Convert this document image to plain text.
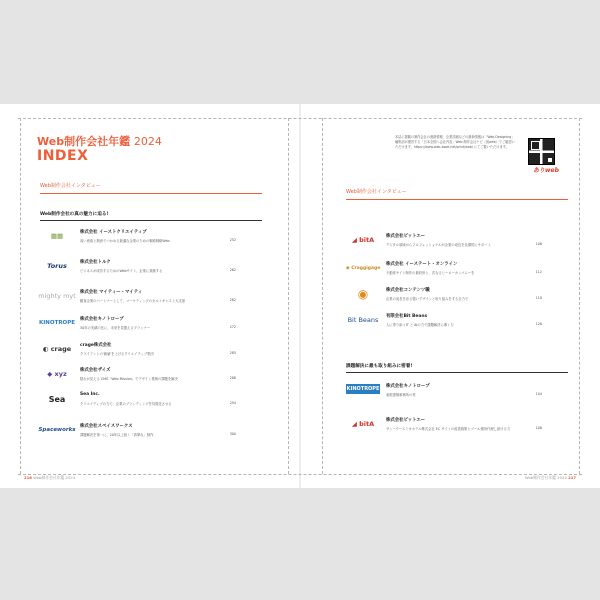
Web制作会社年鑑 2024
INDEX
本誌に掲載の制作会社の連絡情報、企業詳細などの最新情報は「Web Designing」編集部が運営する「日本全国へ会社内容」Web 制作会社ナビ（仮web）でご確認いただけます。https://www.web-book.net/print/web/ にてご覧いただけます。
ありweb
Web制作会社インタビュー
Web制作会社の真の魅力に迫る!
▦▦	株式会社 イーストクリエイティブ
高い意欲と熱意でつかめる最適な企業のための戦略戦略Web	252
Torus	株式会社トルク
ビジネスが成功するためのWebサイト、企業に貢献する	262
mighty myt 株式会社 マイティー・マイティ
顧客企業のパートナーとして、マーケティングのカルトキャスト大支援	262
KINOTROPE
株式会社キノトロープ
30年の実績の先に、未来を見据えるプランナー	272
◐ crage	crage株式会社
クライアントの'価値'を上げるクリエイティブ集団	285
◆ xyz	株式会社ザイズ
隠れが見える CMS「Web Mission」でデザイン業務の課題を解決	288
Sea	Sea Inc.
クリエイティブの力で、企業のブランディングを具現化させる	294
Spaceworks
株式会社スペイスワークス
課題解決を第一に、20年以上続く「真摯な」制作	300
Web制作会社インタビュー
◢ bitA	株式会社ビットエー
デジタル領域からフロフェッショナルが企業の成長を長期的にサポート	106
◉ Craggigage
株式会社 イーステート・オンライン
不動産サイト制作の最終形と、次なるヒーローカンパニーを	112
◉	株式会社コンテンツ職
企業の成長を計る強いデザインと取り組みをする全力で	118
Bit Beans	有限会社Bit Beans
人に寄り添うIT と AIの力で課題解決に導く力	126
課題解決に最も取り組みに密着!
KINOTROPE 株式会社キノトロープ
東根建築事務所の巻	104
◢ bitA	株式会社ビットエー
サンハウースミキホテル株式会社 EC サイトの改善施策とゴール運用代理し続ける力	108
216 Web制作会社年鑑 2024	Web制作会社年鑑 2024 217
